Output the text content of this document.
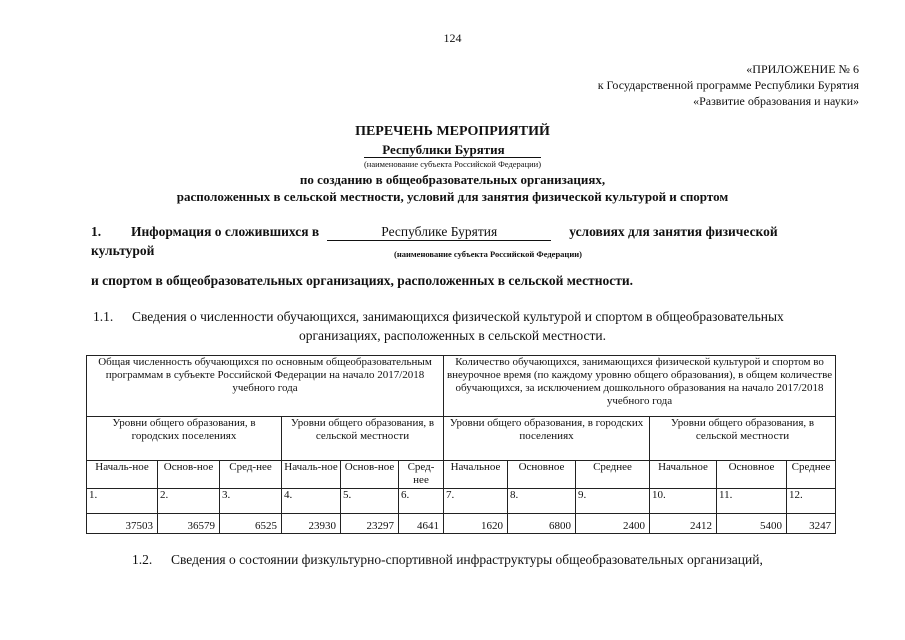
124
«ПРИЛОЖЕНИЕ № 6
к Государственной программе Республики Бурятия
«Развитие образования и науки»
ПЕРЕЧЕНЬ МЕРОПРИЯТИЙ
Республики Бурятия
(наименование субъекта Российской Федерации)
по созданию в общеобразовательных организациях,
расположенных в сельской местности, условий для занятия физической культурой и спортом
1. Информация о сложившихся в	Республике Бурятия	условиях для занятия физической
культурой	(наименование субъекта Российской Федерации)
и спортом в общеобразовательных организациях, расположенных в сельской местности.
1.1. Сведения о численности обучающихся, занимающихся физической культурой и спортом в общеобразовательных
организациях, расположенных в сельской местности.
Общая численность обучающихся по основным общеобразовательным программам в субъекте Российской Федерации на начало 2017/2018 учебного года						Количество обучающихся, занимающихся физической культурой и спортом во внеурочное время (по каждому уровню общего образования), в общем количестве обучающихся, за исключением дошкольного образования на начало 2017/2018 учебного года					
Уровни общего образования, в городских поселениях			Уровни общего образования, в сельской местности			Уровни общего образования, в городских поселениях			Уровни общего образования, в сельской местности		
Началь-ное	Основ-ное	Сред-нее	Началь-ное	Основ-ное	Сред-нее	Начальное	Основное	Среднее	Начальное	Основное	Среднее
1.	2.	3.	4.	5.	6.	7.	8.	9.	10.	11.	12.
37503	36579	6525	23930	23297	4641	1620	6800	2400	2412	5400	3247
1.2. Сведения о состоянии физкультурно-спортивной инфраструктуры общеобразовательных организаций,
